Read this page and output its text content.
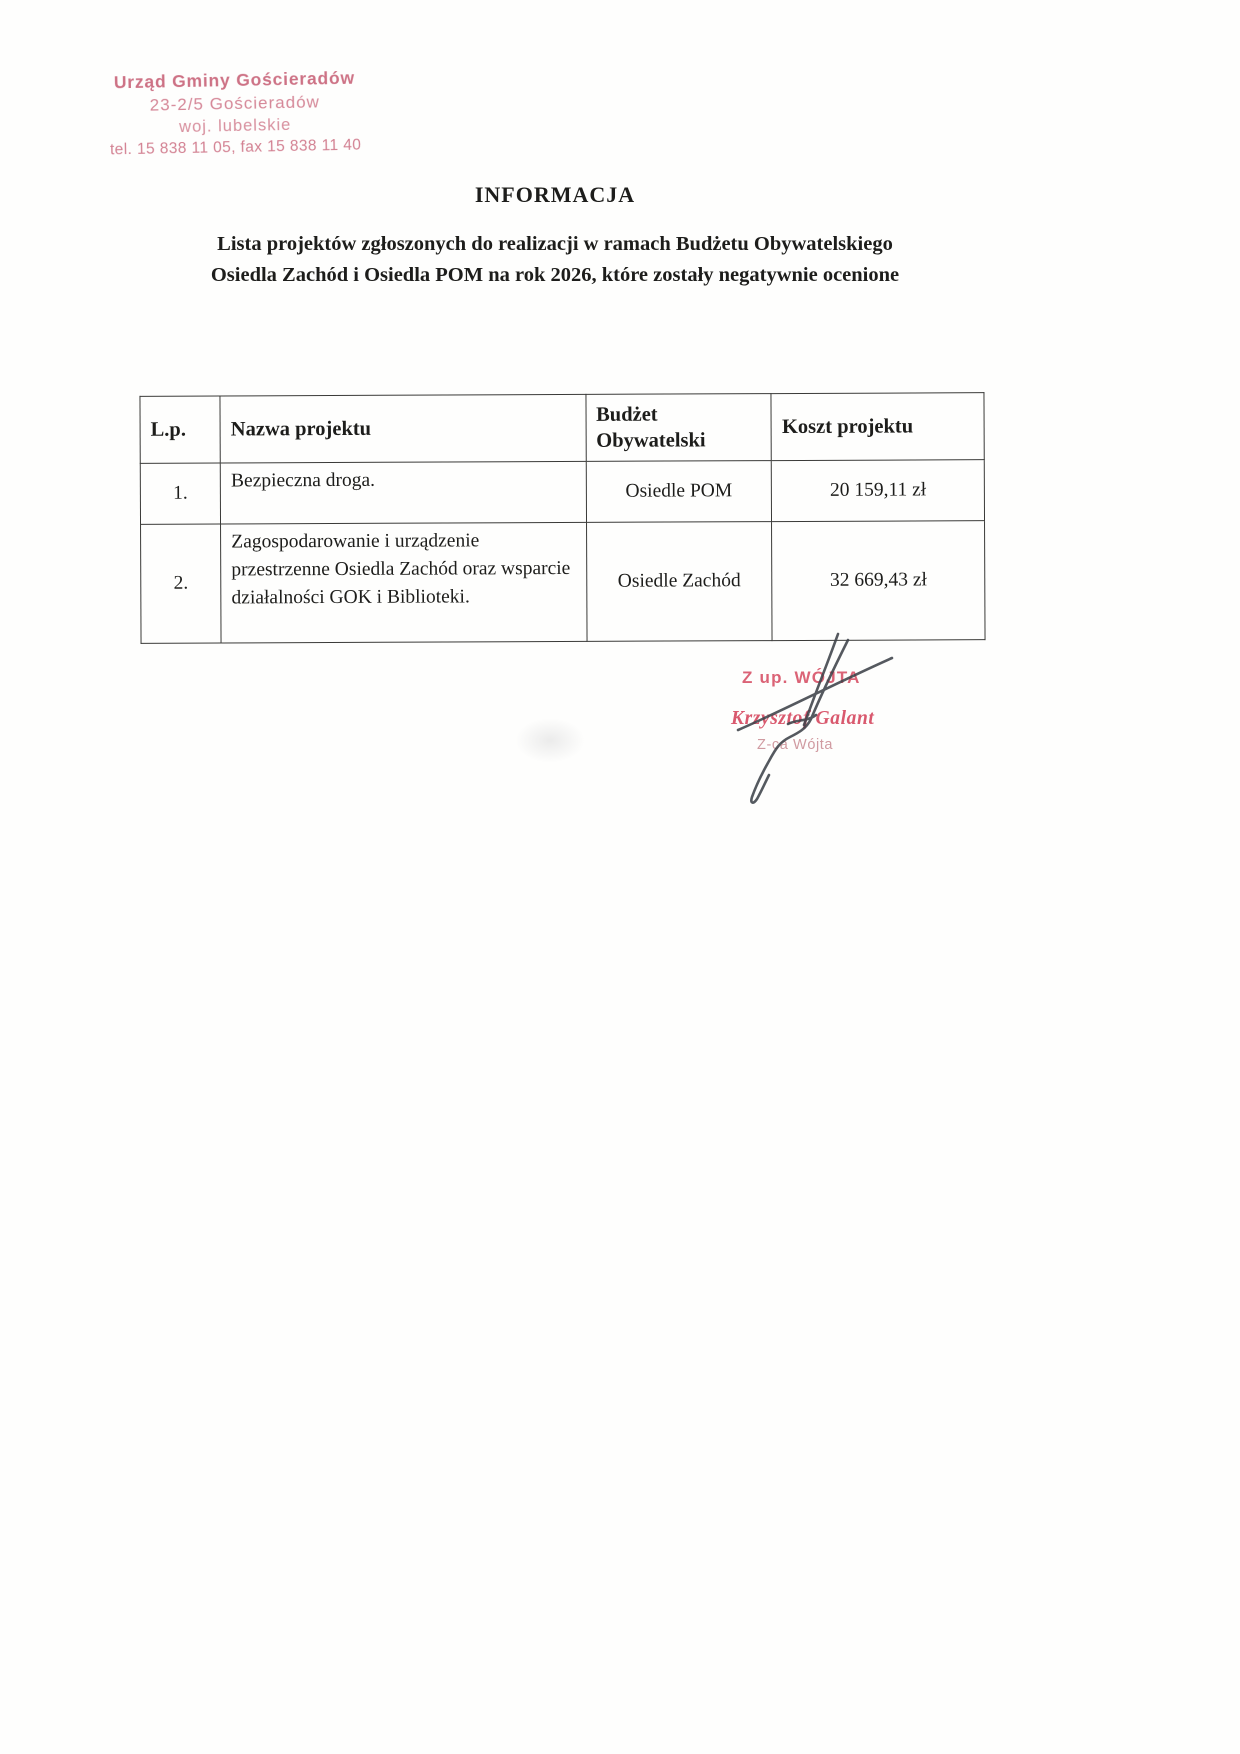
Urząd Gminy Gościeradów
23-2/5 Gościeradów
woj. lubelskie
tel. 15 838 11 05, fax 15 838 11 40
INFORMACJA
Lista projektów zgłoszonych do realizacji w ramach Budżetu Obywatelskiego
Osiedla Zachód i Osiedla POM na rok 2026, które zostały negatywnie ocenione
L.p.	Nazwa projektu	Budżet Obywatelski	Koszt projektu
1.	Bezpieczna droga.	Osiedle POM	20 159,11 zł
2.	Zagospodarowanie i urządzenie przestrzenne Osiedla Zachód oraz wsparcie działalności GOK i Biblioteki.	Osiedle Zachód	32 669,43 zł
Z up. WÓJTA
Krzysztof Galant
Z-ca Wójta
